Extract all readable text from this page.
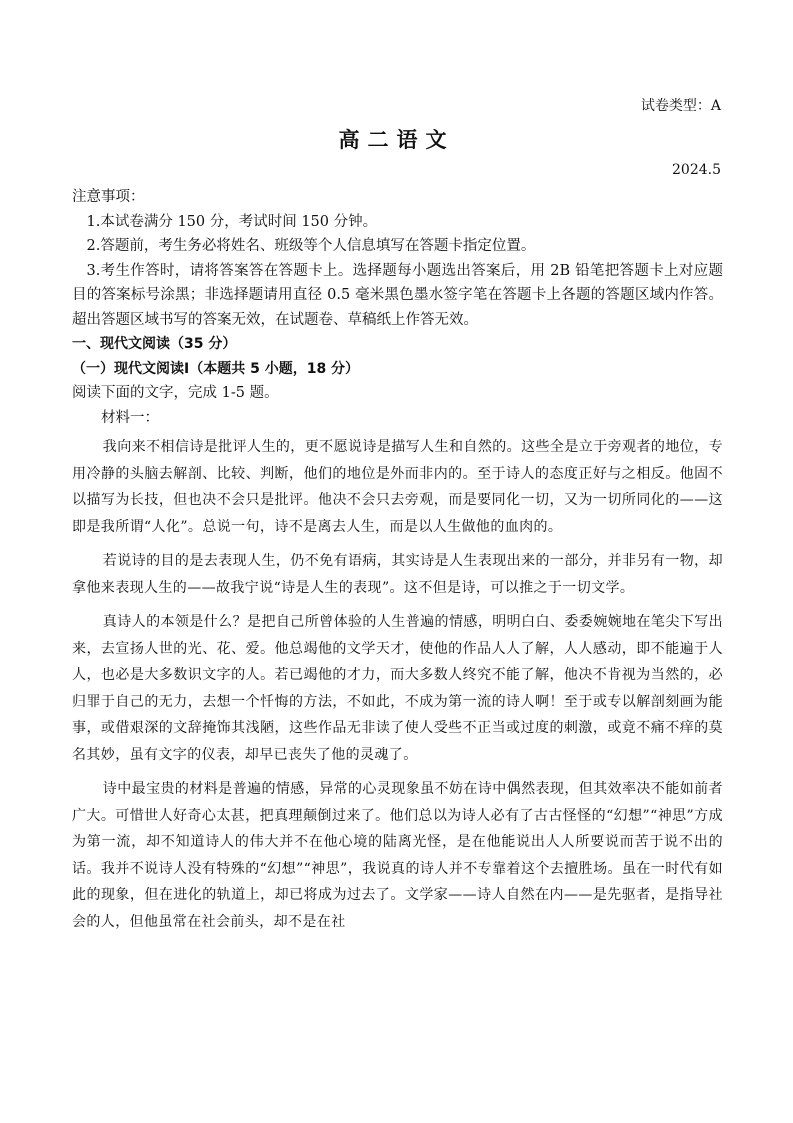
试卷类型：A
高二语文
2024.5

注意事项：

1.本试卷满分 150 分，考试时间 150 分钟。

2.答题前，考生务必将姓名、班级等个人信息填写在答题卡指定位置。

3.考生作答时，请将答案答在答题卡上。选择题每小题选出答案后，用 2B 铅笔把答题卡上对应题目的答案标号涂黑；非选择题请用直径 0.5 毫米黑色墨水签字笔在答题卡上各题的答题区域内作答。超出答题区域书写的答案无效，在试题卷、草稿纸上作答无效。

一、现代文阅读（35 分）

（一）现代文阅读Ⅰ（本题共 5 小题，18 分）

阅读下面的文字，完成 1-5 题。

材料一：

我向来不相信诗是批评人生的，更不愿说诗是描写人生和自然的。这些全是立于旁观者的地位，专用冷静的头脑去解剖、比较、判断，他们的地位是外而非内的。至于诗人的态度正好与之相反。他固不以描写为长技，但也决不会只是批评。他决不会只去旁观，而是要同化一切，又为一切所同化的——这即是我所谓“人化”。总说一句，诗不是离去人生，而是以人生做他的血肉的。

若说诗的目的是去表现人生，仍不免有语病，其实诗是人生表现出来的一部分，并非另有一物，却拿他来表现人生的——故我宁说“诗是人生的表现”。这不但是诗，可以推之于一切文学。

真诗人的本领是什么？是把自己所曾体验的人生普遍的情感，明明白白、委委婉婉地在笔尖下写出来，去宣扬人世的光、花、爱。他总竭他的文学天才，使他的作品人人了解，人人感动，即不能遍于人人，也必是大多数识文字的人。若已竭他的才力，而大多数人终究不能了解，他决不肯视为当然的，必归罪于自己的无力，去想一个忏悔的方法，不如此，不成为第一流的诗人啊！至于或专以解剖刻画为能事，或借艰深的文辞掩饰其浅陋，这些作品无非读了使人受些不正当或过度的刺激，或竟不痛不痒的莫名其妙，虽有文字的仪表，却早已丧失了他的灵魂了。

诗中最宝贵的材料是普遍的情感，异常的心灵现象虽不妨在诗中偶然表现，但其效率决不能如前者广大。可惜世人好奇心太甚，把真理颠倒过来了。他们总以为诗人必有了古古怪怪的“幻想”“神思”方成为第一流，却不知道诗人的伟大并不在他心境的陆离光怪，是在他能说出人人所要说而苦于说不出的话。我并不说诗人没有特殊的“幻想”“神思”，我说真的诗人并不专靠着这个去擅胜场。虽在一时代有如此的现象，但在进化的轨道上，却已将成为过去了。文学家——诗人自然在内——是先驱者，是指导社会的人，但他虽常在社会前头，却不是在社
